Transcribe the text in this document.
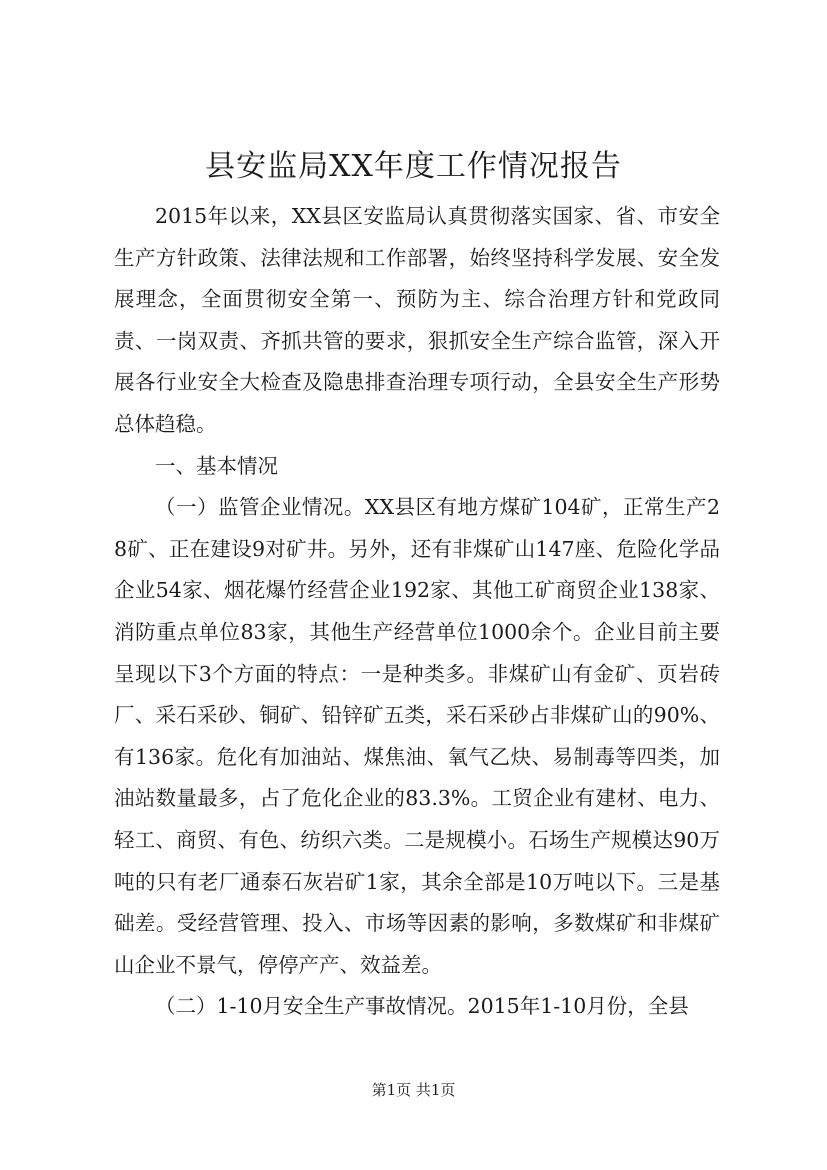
县安监局XX年度工作情况报告

2015年以来，XX县区安监局认真贯彻落实国家、省、市安全生产方针政策、法律法规和工作部署，始终坚持科学发展、安全发展理念，全面贯彻安全第一、预防为主、综合治理方针和党政同责、一岗双责、齐抓共管的要求，狠抓安全生产综合监管，深入开展各行业安全大检查及隐患排查治理专项行动，全县安全生产形势总体趋稳。

一、基本情况

（一）监管企业情况。XX县区有地方煤矿104矿，正常生产28矿、正在建设9对矿井。另外，还有非煤矿山147座、危险化学品企业54家、烟花爆竹经营企业192家、其他工矿商贸企业138家、消防重点单位83家，其他生产经营单位1000余个。企业目前主要呈现以下3个方面的特点：一是种类多。非煤矿山有金矿、页岩砖厂、采石采砂、铜矿、铅锌矿五类，采石采砂占非煤矿山的90%、有136家。危化有加油站、煤焦油、氧气乙炔、易制毒等四类，加油站数量最多，占了危化企业的83.3%。工贸企业有建材、电力、轻工、商贸、有色、纺织六类。二是规模小。石场生产规模达90万吨的只有老厂通泰石灰岩矿1家，其余全部是10万吨以下。三是基础差。受经营管理、投入、市场等因素的影响，多数煤矿和非煤矿山企业不景气，停停产产、效益差。

（二）1-10月安全生产事故情况。2015年1-10月份，全县

第1页 共1页
